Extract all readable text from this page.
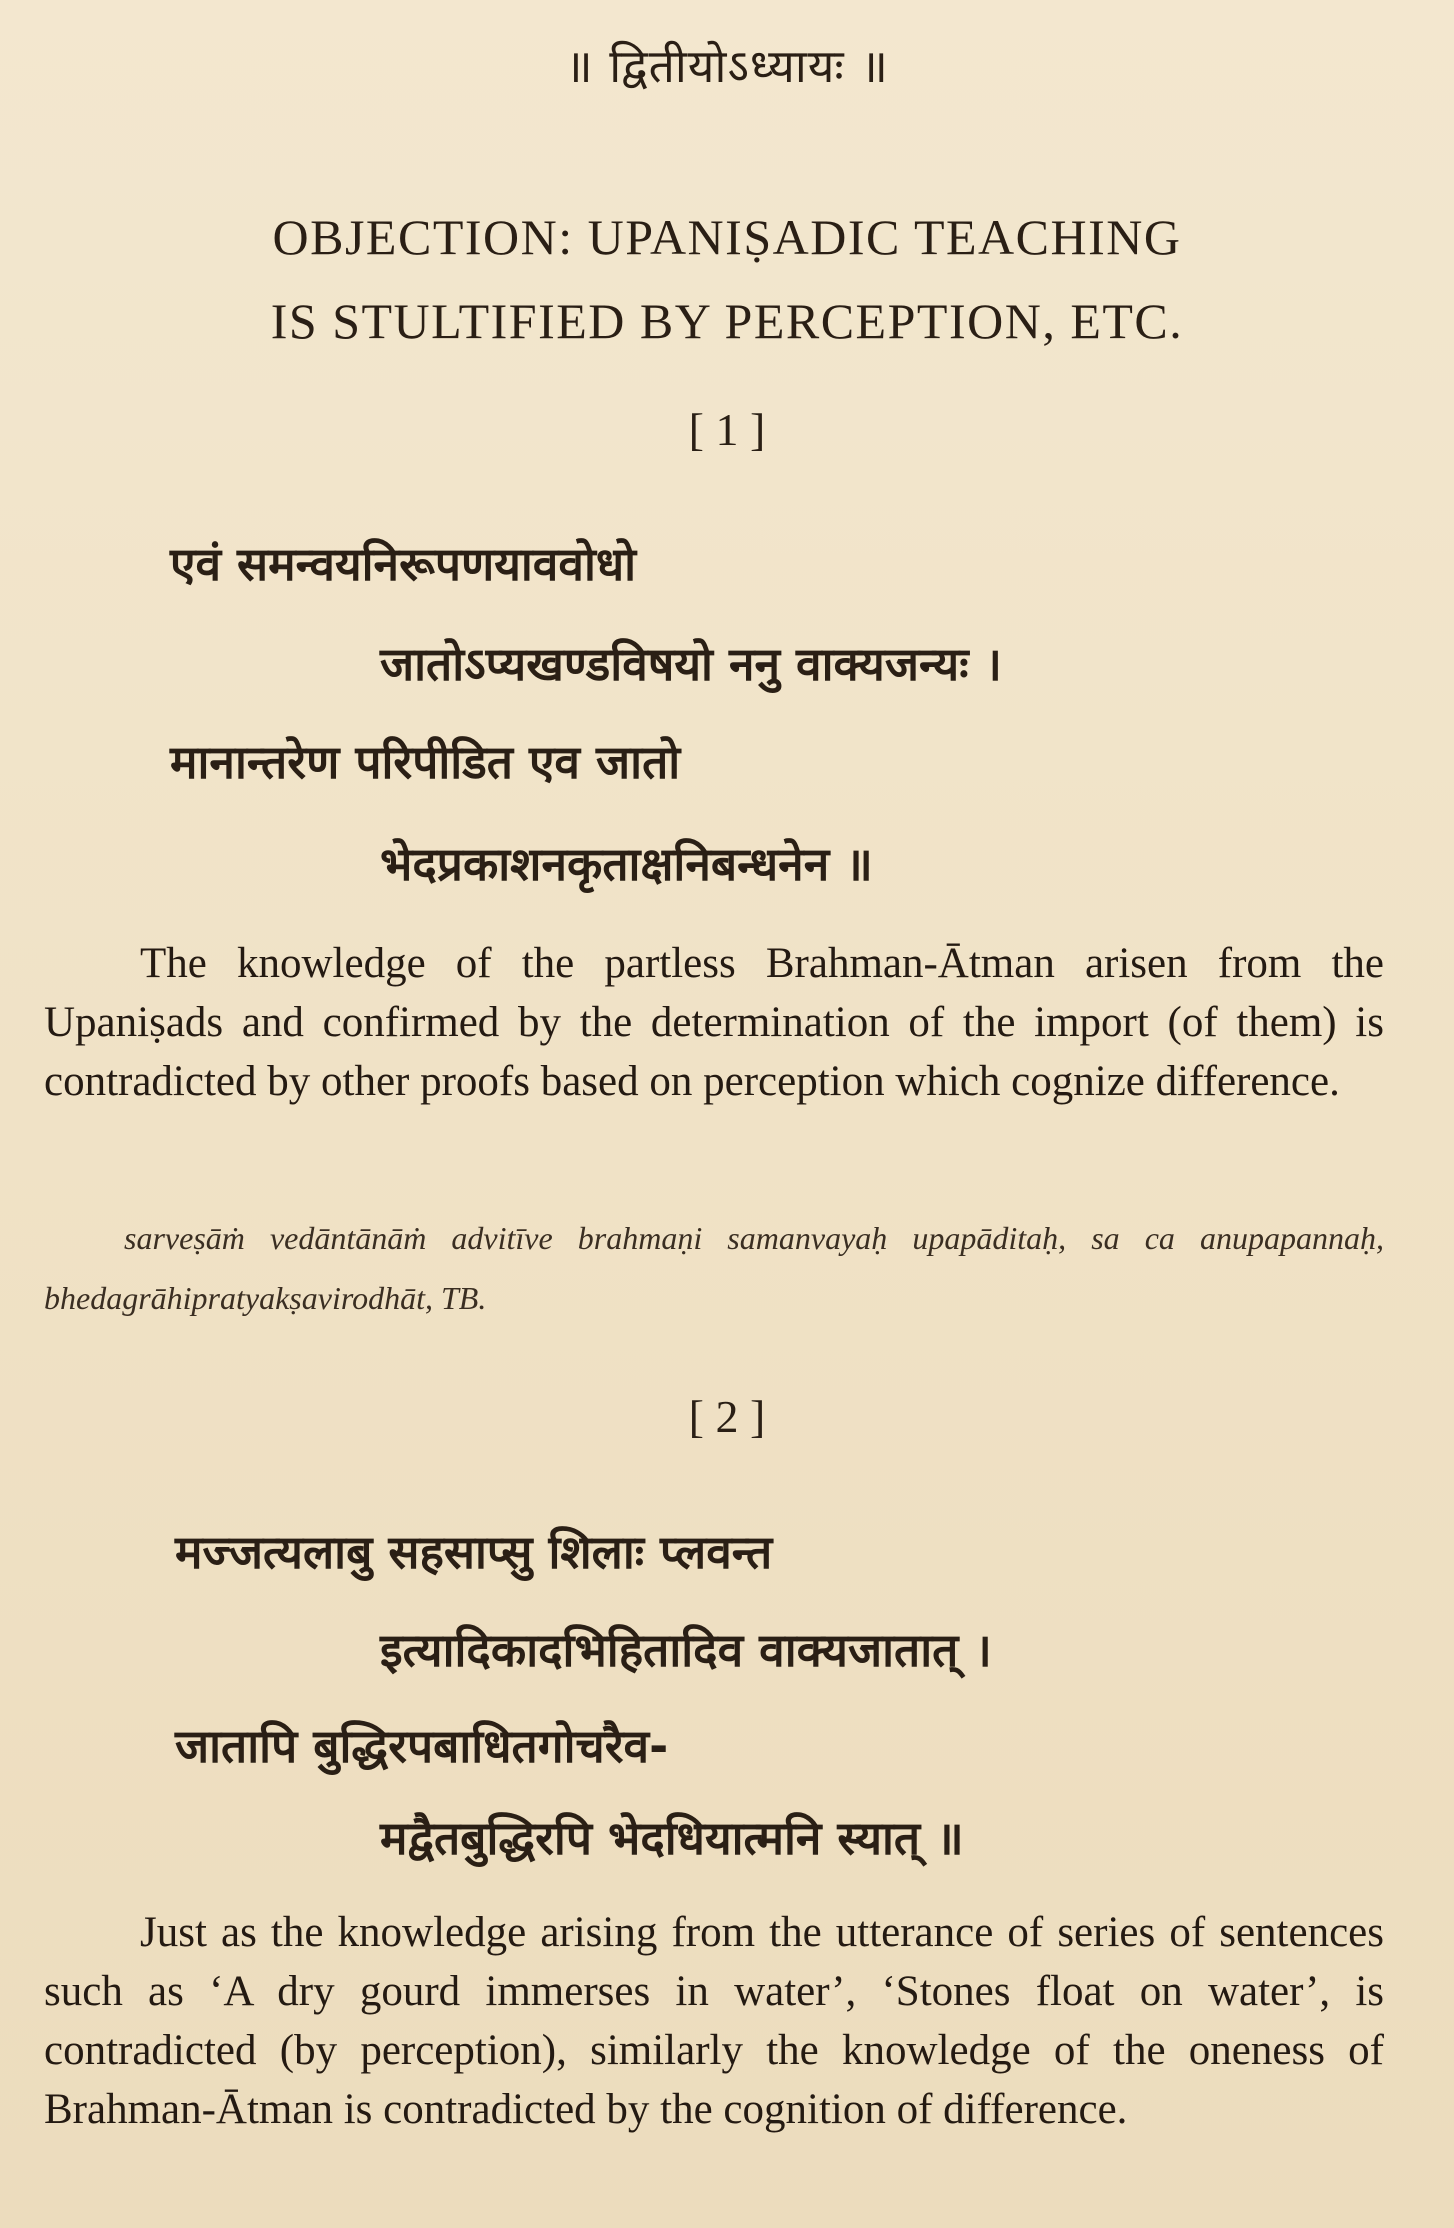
॥ द्वितीयोऽध्यायः ॥
OBJECTION: UPANIṢADIC TEACHING
IS STULTIFIED BY PERCEPTION, ETC.
[ 1 ]
एवं समन्वयनिरूपणयाववोधो
जातोऽप्यखण्डविषयो ननु वाक्यजन्यः ।
मानान्तरेण परिपीडित एव जातो
भेदप्रकाशनकृताक्षनिबन्धनेन ॥

The knowledge of the partless Brahman-Ātman arisen from the Upaniṣads and confirmed by the determination of the import (of them) is contradicted by other proofs based on perception which cognize difference.

sarveṣāṁ vedāntānāṁ advitīve brahmaṇi samanvayaḥ upapāditaḥ, sa ca anupapannaḥ, bhedagrāhipratyakṣavirodhāt, TB.
[ 2 ]
मज्जत्यलाबु सहसाप्सु शिलाः प्लवन्त
इत्यादिकादभिहितादिव वाक्यजातात् ।
जातापि बुद्धिरपबाधितगोचरैव-
मद्वैतबुद्धिरपि भेदधियात्मनि स्यात् ॥

Just as the knowledge arising from the utterance of series of sentences such as ‘A dry gourd immerses in water’, ‘Stones float on water’, is contradicted (by perception), similarly the knowledge of the oneness of Brahman-Ātman is contradicted by the cognition of difference.
